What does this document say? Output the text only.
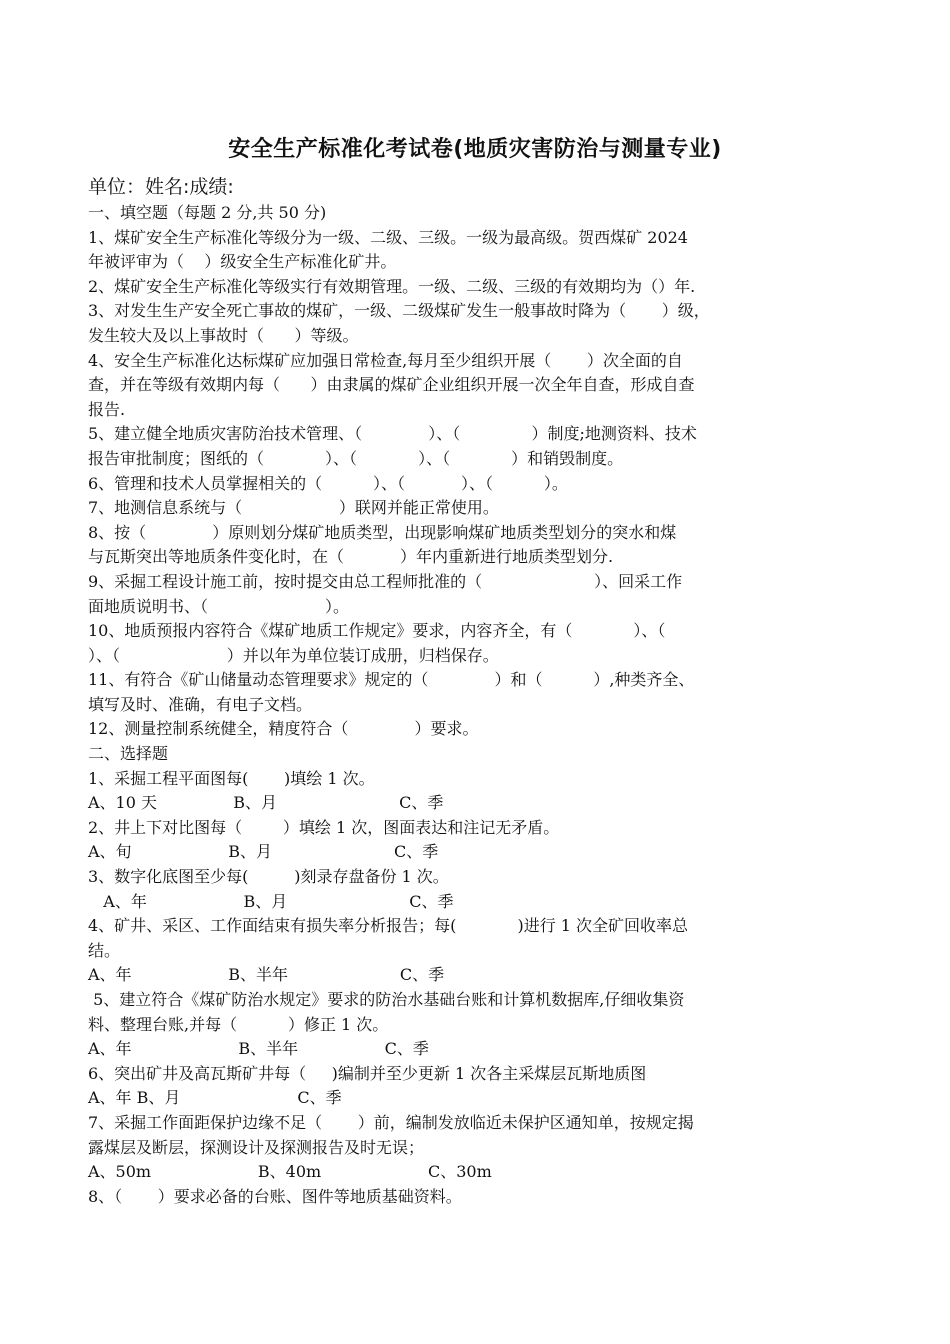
安全生产标准化考试卷(地质灾害防治与测量专业)
单位：姓名:成绩:
一、填空题（每题 2 分,共 50 分)
1、煤矿安全生产标准化等级分为一级、二级、三级。一级为最高级。贺西煤矿 2024
年被评审为（    ）级安全生产标准化矿井。
2、煤矿安全生产标准化等级实行有效期管理。一级、二级、三级的有效期均为（）年.
3、对发生生产安全死亡事故的煤矿，一级、二级煤矿发生一般事故时降为（       ）级，
发生较大及以上事故时（      ）等级。
4、安全生产标准化达标煤矿应加强日常检查,每月至少组织开展（       ）次全面的自
查，并在等级有效期内每（      ）由隶属的煤矿企业组织开展一次全年自查，形成自查
报告.
5、建立健全地质灾害防治技术管理、（             ）、（              ）制度;地测资料、技术
报告审批制度；图纸的（            ）、（            ）、（            ）和销毁制度。
6、管理和技术人员掌握相关的（          ）、（           ）、（          ）。
7、地测信息系统与（                   ）联网并能正常使用。
8、按（             ）原则划分煤矿地质类型，出现影响煤矿地质类型划分的突水和煤
与瓦斯突出等地质条件变化时，在（           ）年内重新进行地质类型划分.
9、采掘工程设计施工前，按时提交由总工程师批准的（                      ）、回采工作
面地质说明书、（                       ）。
10、地质预报内容符合《煤矿地质工作规定》要求，内容齐全，有（            ）、（
）、（                     ）并以年为单位装订成册，归档保存。
11、有符合《矿山储量动态管理要求》规定的（             ）和（          ）,种类齐全、
填写及时、准确，有电子文档。
12、测量控制系统健全，精度符合（             ）要求。
二、选择题
1、采掘工程平面图每(       )填绘 1 次。
A、10 天               B、月                        C、季
2、井上下对比图每（        ）填绘 1 次，图面表达和注记无矛盾。
A、旬                   B、月                        C、季
3、数字化底图至少每(         )刻录存盘备份 1 次。
A、年                   B、月                        C、季
4、矿井、采区、工作面结束有损失率分析报告；每(            )进行 1 次全矿回收率总
结。
A、年                   B、半年                      C、季
5、建立符合《煤矿防治水规定》要求的防治水基础台账和计算机数据库,仔细收集资
料、整理台账,并每（          ）修正 1 次。
A、年                     B、半年                 C、季
6、突出矿井及高瓦斯矿井每（     )编制并至少更新 1 次各主采煤层瓦斯地质图
A、年 B、月                       C、季
7、采掘工作面距保护边缘不足（       ）前，编制发放临近未保护区通知单，按规定揭
露煤层及断层，探测设计及探测报告及时无误；
A、50m                     B、40m                     C、30m
8、（       ）要求必备的台账、图件等地质基础资料。
